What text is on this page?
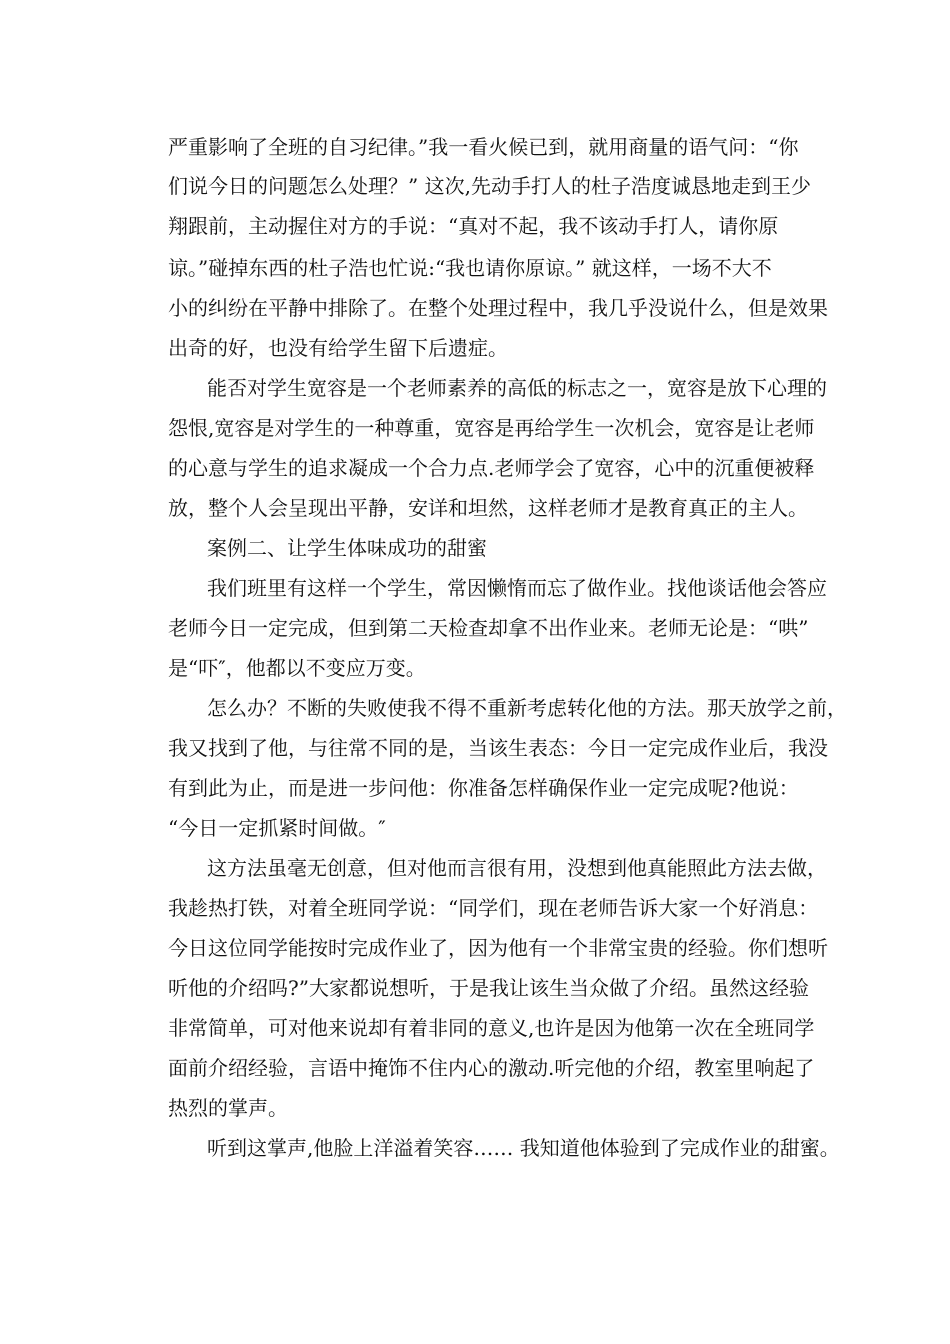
严重影响了全班的自习纪律。”我一看火候已到，就用商量的语气问：“你
们说今日的问题怎么处理？” 这次,先动手打人的杜子浩度诚恳地走到王少
翔跟前，主动握住对方的手说：“真对不起，我不该动手打人，请你原
谅。”碰掉东西的杜子浩也忙说:“我也请你原谅。” 就这样，一场不大不
小的纠纷在平静中排除了。在整个处理过程中，我几乎没说什么，但是效果
出奇的好，也没有给学生留下后遗症。
能否对学生宽容是一个老师素养的高低的标志之一，宽容是放下心理的
怨恨,宽容是对学生的一种尊重，宽容是再给学生一次机会，宽容是让老师
的心意与学生的追求凝成一个合力点.老师学会了宽容，心中的沉重便被释
放，整个人会呈现出平静，安详和坦然，这样老师才是教育真正的主人。
案例二、让学生体味成功的甜蜜
我们班里有这样一个学生，常因懒惰而忘了做作业。找他谈话他会答应
老师今日一定完成，但到第二天检查却拿不出作业来。老师无论是：“哄”
是“吓″，他都以不变应万变。
怎么办？不断的失败使我不得不重新考虑转化他的方法。那天放学之前，
我又找到了他，与往常不同的是，当该生表态：今日一定完成作业后，我没
有到此为止，而是进一步问他：你准备怎样确保作业一定完成呢?他说：
“今日一定抓紧时间做。″
这方法虽毫无创意，但对他而言很有用，没想到他真能照此方法去做，
我趁热打铁，对着全班同学说：“同学们，现在老师告诉大家一个好消息：
今日这位同学能按时完成作业了，因为他有一个非常宝贵的经验。你们想听
听他的介绍吗?”大家都说想听，于是我让该生当众做了介绍。虽然这经验
非常简单，可对他来说却有着非同的意义,也许是因为他第一次在全班同学
面前介绍经验，言语中掩饰不住内心的激动.听完他的介绍，教室里响起了
热烈的掌声。
听到这掌声,他脸上洋溢着笑容…… 我知道他体验到了完成作业的甜蜜。
